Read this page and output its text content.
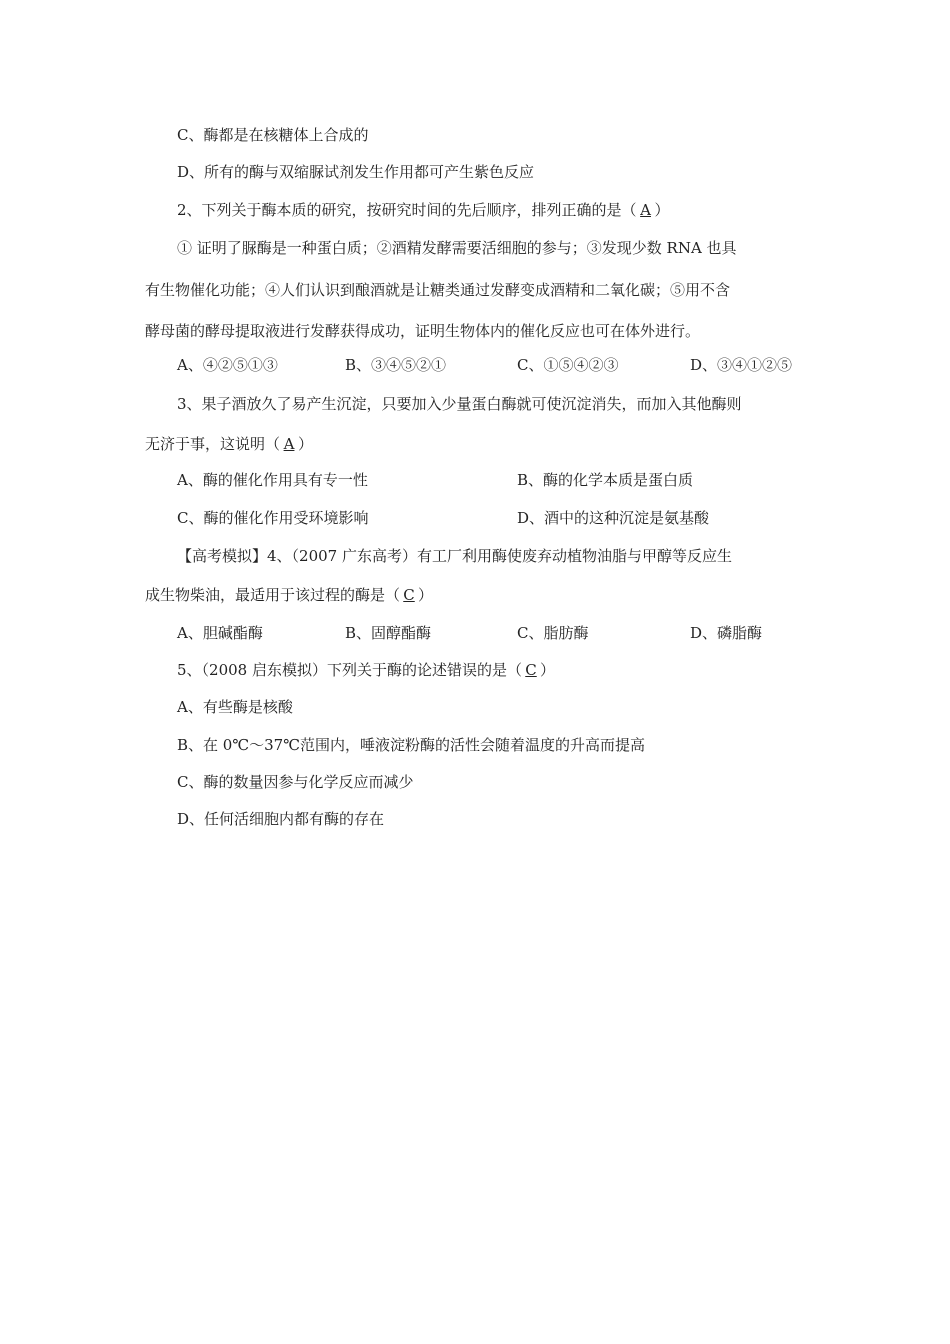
C、酶都是在核糖体上合成的
D、所有的酶与双缩脲试剂发生作用都可产生紫色反应
2、下列关于酶本质的研究，按研究时间的先后顺序，排列正确的是（ A ）
① 证明了脲酶是一种蛋白质；②酒精发酵需要活细胞的参与；③发现少数 RNA 也具
有生物催化功能；④人们认识到酿酒就是让糖类通过发酵变成酒精和二氧化碳；⑤用不含
酵母菌的酵母提取液进行发酵获得成功，证明生物体内的催化反应也可在体外进行。
A、④②⑤①③	B、③④⑤②①	C、①⑤④②③	D、③④①②⑤
3、果子酒放久了易产生沉淀，只要加入少量蛋白酶就可使沉淀消失，而加入其他酶则
无济于事，这说明（ A ）
A、酶的催化作用具有专一性	B、酶的化学本质是蛋白质
C、酶的催化作用受环境影响	D、酒中的这种沉淀是氨基酸
【高考模拟】4、（2007 广东高考）有工厂利用酶使废弃动植物油脂与甲醇等反应生
成生物柴油，最适用于该过程的酶是（ C ）
A、胆碱酯酶	B、固醇酯酶	C、脂肪酶	D、磷脂酶
5、（2008 启东模拟）下列关于酶的论述错误的是（ C ）
A、有些酶是核酸
B、在 0℃～37℃范围内，唾液淀粉酶的活性会随着温度的升高而提高
C、酶的数量因参与化学反应而减少
D、任何活细胞内都有酶的存在
